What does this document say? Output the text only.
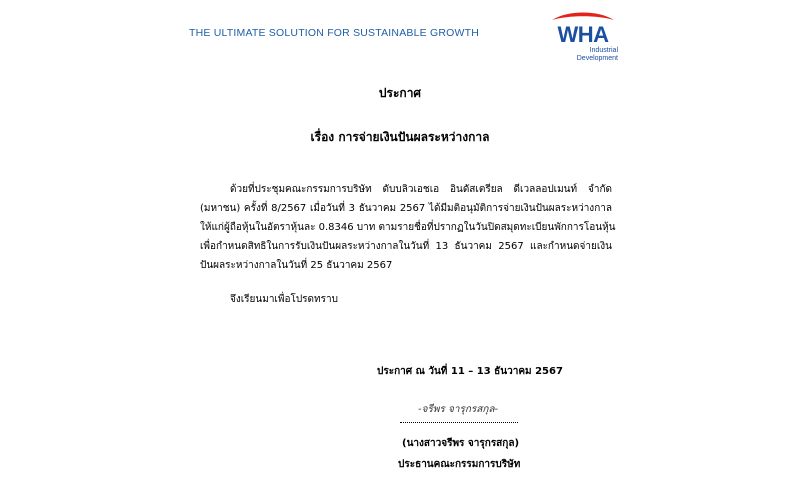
THE ULTIMATE SOLUTION FOR SUSTAINABLE GROWTH	WHA
Industrial
Development
ประกาศ
เรื่อง การจ่ายเงินปันผลระหว่างกาล
ด้วยที่ประชุมคณะกรรมการบริษัท ดับบลิวเอชเอ อินดัสเตรียล ดีเวลลอปเมนท์ จำกัด
(มหาชน) ครั้งที่ 8/2567 เมื่อวันที่ 3 ธันวาคม 2567 ได้มีมติอนุมัติการจ่ายเงินปันผลระหว่างกาล
ให้แก่ผู้ถือหุ้นในอัตราหุ้นละ 0.8346 บาท ตามรายชื่อที่ปรากฏในวันปิดสมุดทะเบียนพักการโอนหุ้น
เพื่อกำหนดสิทธิในการรับเงินปันผลระหว่างกาลในวันที่ 13 ธันวาคม 2567 และกำหนดจ่ายเงิน
ปันผลระหว่างกาลในวันที่ 25 ธันวาคม 2567
จึงเรียนมาเพื่อโปรดทราบ
ประกาศ ณ วันที่ 11 – 13 ธันวาคม 2567
-จรีพร จารุกรสกุล-
(นางสาวจรีพร จารุกรสกุล)
ประธานคณะกรรมการบริษัท
